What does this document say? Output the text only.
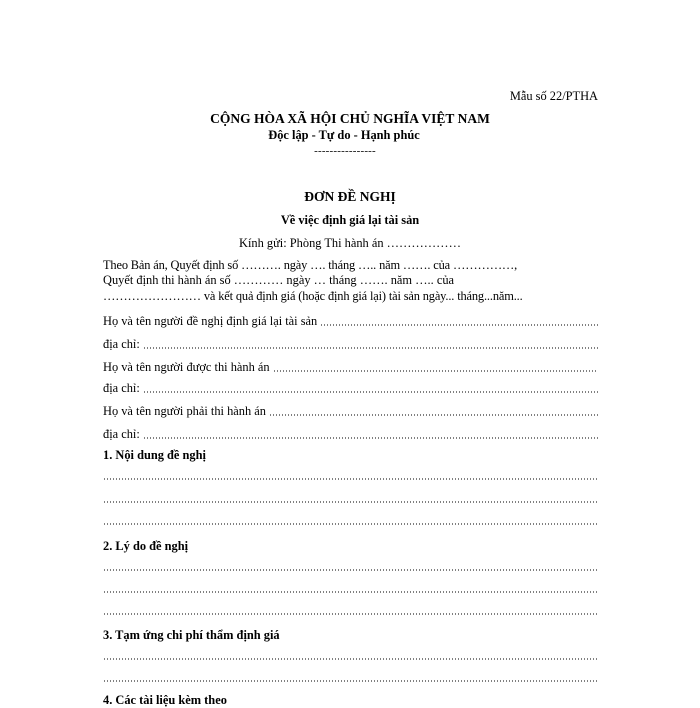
Mẫu số 22/PTHA
CỘNG HÒA XÃ HỘI CHỦ NGHĨA VIỆT NAM
Độc lập - Tự do - Hạnh phúc
----------------
ĐƠN ĐỀ NGHỊ
Về việc định giá lại tài sản
Kính gửi: Phòng Thi hành án ………………
Theo Bản án, Quyết định số ………. ngày …. tháng ….. năm ……. của ……………,
Quyết định thi hành án số ………… ngày … tháng ……. năm ….. của
…………………… và kết quả định giá (hoặc định giá lại) tài sản ngày... tháng...năm...
Họ và tên người đề nghị định giá lại tài sản
địa chỉ:
Họ và tên người được thi hành án
địa chỉ:
Họ và tên người phải thi hành án
địa chỉ:
1. Nội dung đề nghị
2. Lý do đề nghị
3. Tạm ứng chi phí thẩm định giá
4. Các tài liệu kèm theo
